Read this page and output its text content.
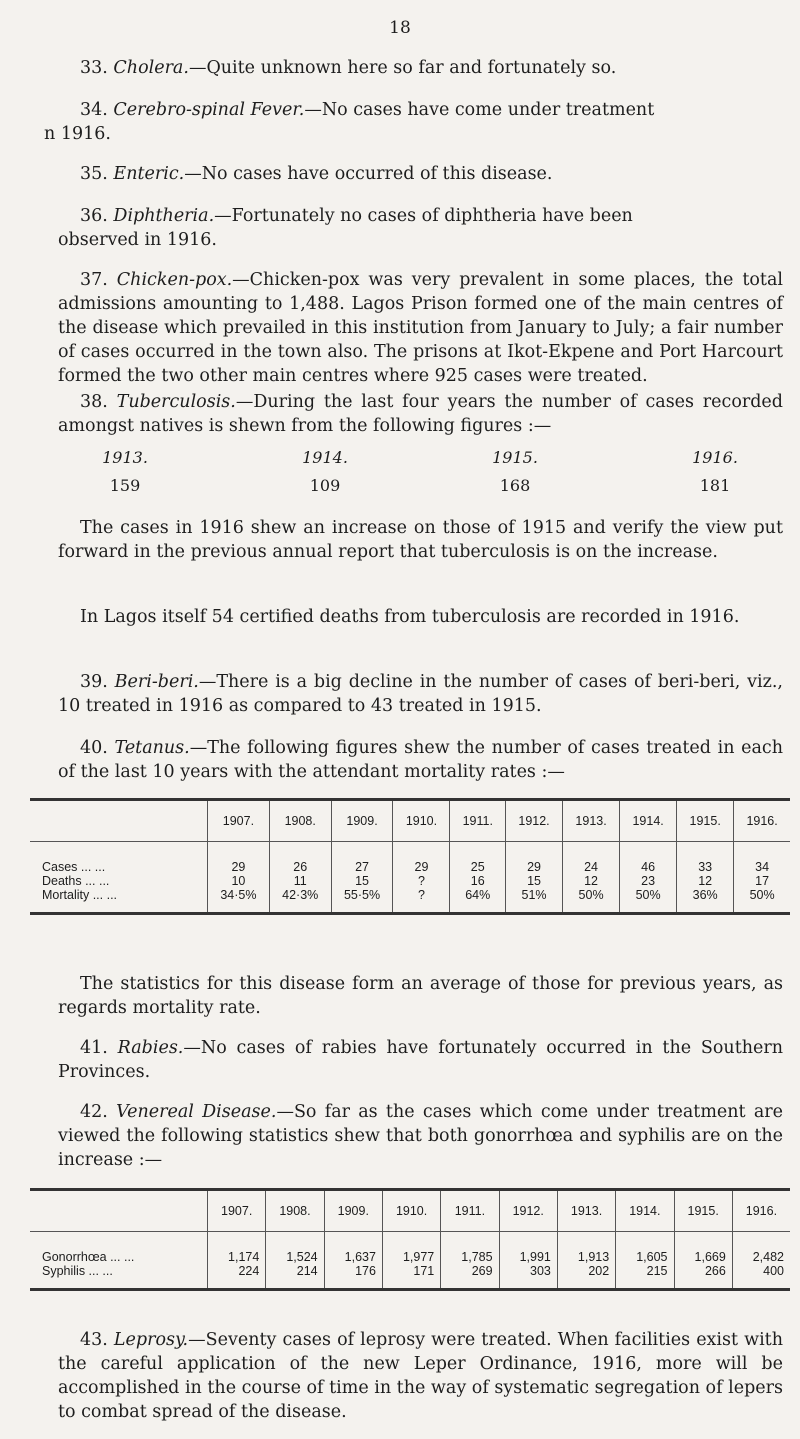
18
33. Cholera.—Quite unknown here so far and fortunately so.
34. Cerebro-spinal Fever.—No cases have come under treatment
n 1916.
35. Enteric.—No cases have occurred of this disease.
36. Diphtheria.—Fortunately no cases of diphtheria have been
observed in 1916.
37. Chicken-pox.—Chicken-pox was very prevalent in some places, the total admissions amounting to 1,488. Lagos Prison formed one of the main centres of the disease which prevailed in this institution from January to July; a fair number of cases occurred in the town also. The prisons at Ikot-Ekpene and Port Harcourt formed the two other main centres where 925 cases were treated.
38. Tuberculosis.—During the last four years the number of cases recorded amongst natives is shewn from the following figures :—
1913.	1914.	1915.	1916.
159	109	168	181
The cases in 1916 shew an increase on those of 1915 and verify the view put forward in the previous annual report that tuberculosis is on the increase.
In Lagos itself 54 certified deaths from tuberculosis are recorded in 1916.
39. Beri-beri.—There is a big decline in the number of cases of beri-beri, viz., 10 treated in 1916 as compared to 43 treated in 1915.
40. Tetanus.—The following figures shew the number of cases treated in each of the last 10 years with the attendant mortality rates :—
	1907.	1908.	1909.	1910.	1911.	1912.	1913.	1914.	1915.	1916.
Cases ... ...	29	26	27	29	25	29	24	46	33	34
Deaths ... ...	10	11	15	?	16	15	12	23	12	17
Mortality ... ...	34·5%	42·3%	55·5%	?	64%	51%	50%	50%	36%	50%
The statistics for this disease form an average of those for previous years, as regards mortality rate.
41. Rabies.—No cases of rabies have fortunately occurred in the Southern Provinces.
42. Venereal Disease.—So far as the cases which come under treatment are viewed the following statistics shew that both gonorrhœa and syphilis are on the increase :—
	1907.	1908.	1909.	1910.	1911.	1912.	1913.	1914.	1915.	1916.
Gonorrhœa ... ...	1,174	1,524	1,637	1,977	1,785	1,991	1,913	1,605	1,669	2,482
Syphilis ... ...	224	214	176	171	269	303	202	215	266	400
43. Leprosy.—Seventy cases of leprosy were treated. When facilities exist with the careful application of the new Leper Ordinance, 1916, more will be accomplished in the course of time in the way of systematic segregation of lepers to combat spread of the disease.
